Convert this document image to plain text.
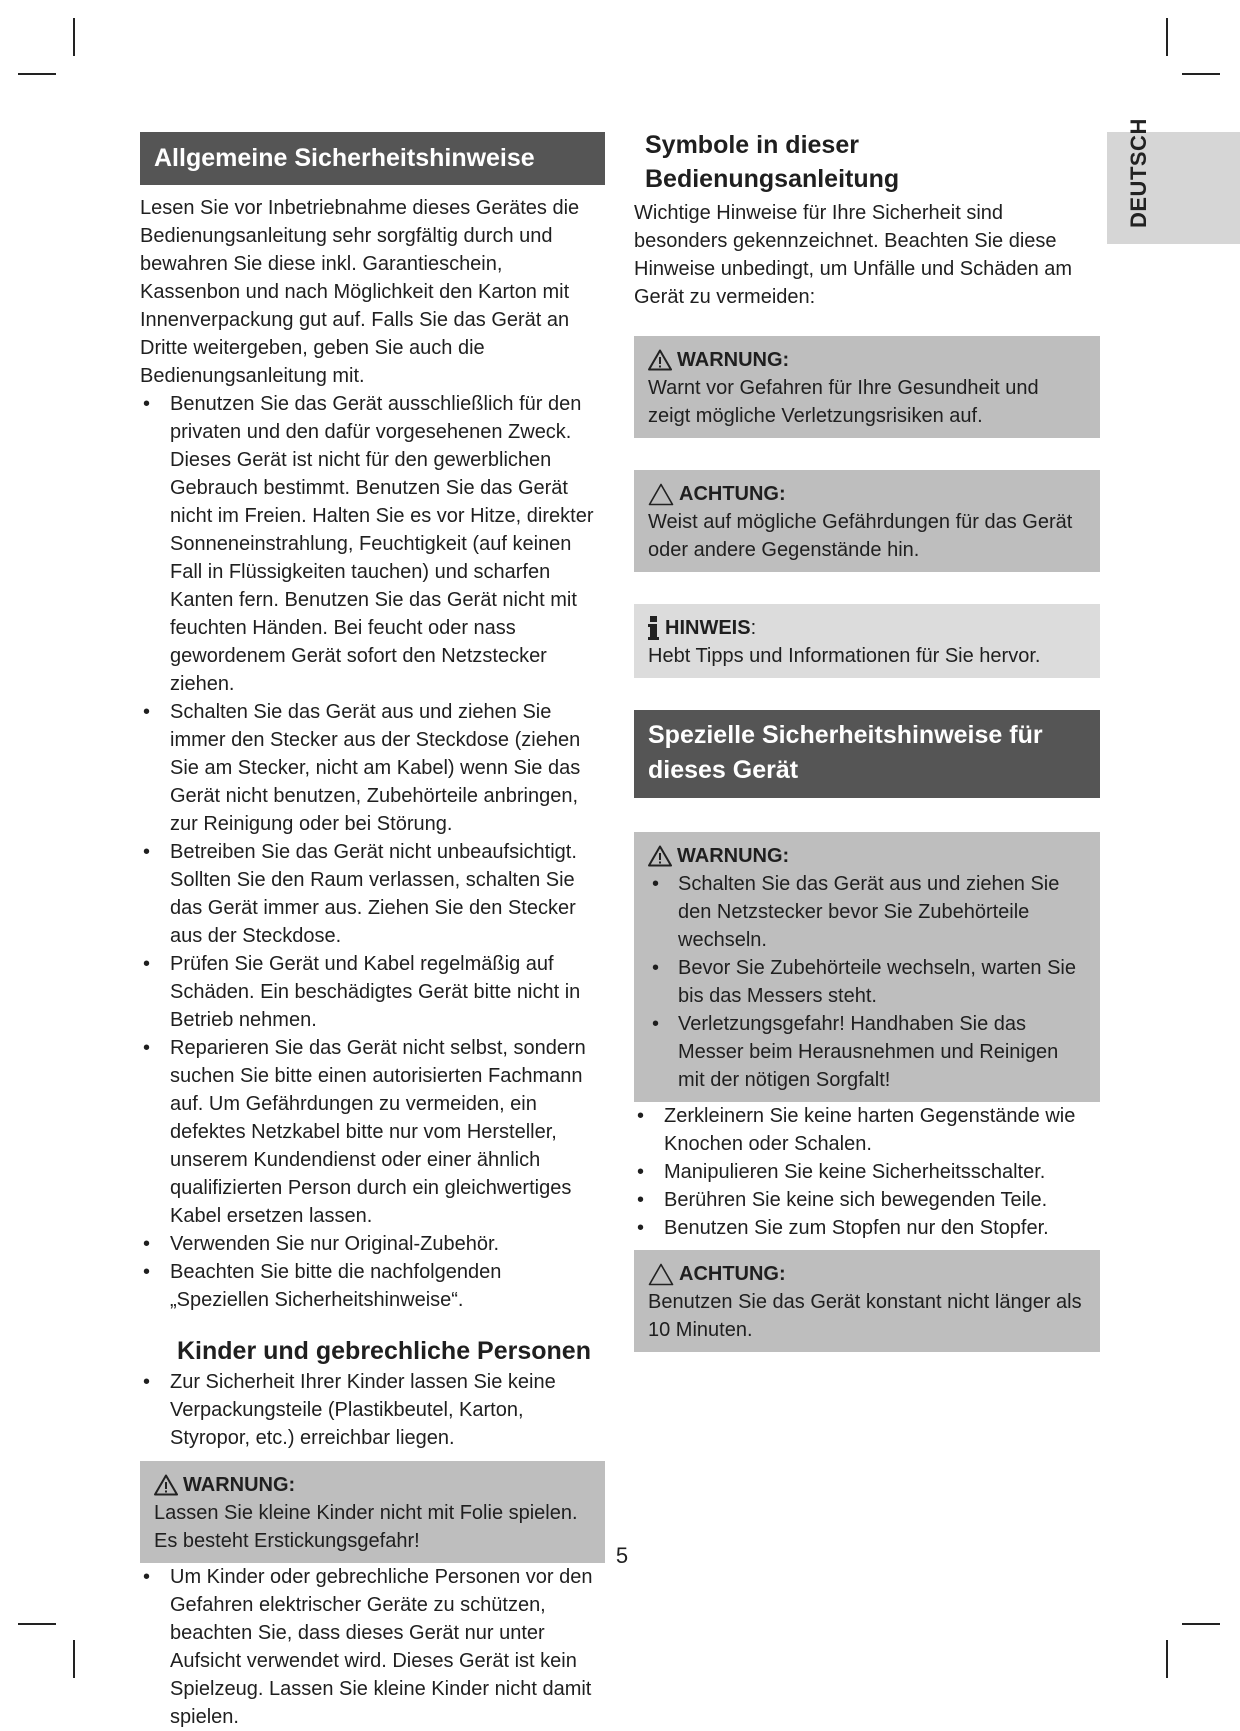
DEUTSCH
Allgemeine Sicherheitshinweise

Lesen Sie vor Inbetriebnahme dieses Gerätes die Bedienungsanleitung sehr sorgfältig durch und bewahren Sie diese inkl. Garantieschein, Kassenbon und nach Möglichkeit den Karton mit Innenverpackung gut auf. Falls Sie das Gerät an Dritte weitergeben, geben Sie auch die Bedienungsanleitung mit.

• Benutzen Sie das Gerät ausschließlich für den privaten und den dafür vorgesehenen Zweck. Dieses Gerät ist nicht für den gewerblichen Gebrauch bestimmt. Benutzen Sie das Gerät nicht im Freien. Halten Sie es vor Hitze, direkter Sonneneinstrahlung, Feuchtigkeit (auf keinen Fall in Flüssigkeiten tauchen) und scharfen Kanten fern. Benutzen Sie das Gerät nicht mit feuchten Händen. Bei feucht oder nass gewordenem Gerät sofort den Netzstecker ziehen.
• Schalten Sie das Gerät aus und ziehen Sie immer den Stecker aus der Steckdose (ziehen Sie am Stecker, nicht am Kabel) wenn Sie das Gerät nicht benutzen, Zubehörteile anbringen, zur Reinigung oder bei Störung.
• Betreiben Sie das Gerät nicht unbeaufsichtigt. Sollten Sie den Raum verlassen, schalten Sie das Gerät immer aus. Ziehen Sie den Stecker aus der Steckdose.
• Prüfen Sie Gerät und Kabel regelmäßig auf Schäden. Ein beschädigtes Gerät bitte nicht in Betrieb nehmen.
• Reparieren Sie das Gerät nicht selbst, sondern suchen Sie bitte einen autorisierten Fachmann auf. Um Gefährdungen zu vermeiden, ein defektes Netzkabel bitte nur vom Hersteller, unserem Kundendienst oder einer ähnlich qualifizierten Person durch ein gleichwertiges Kabel ersetzen lassen.
• Verwenden Sie nur Original-Zubehör.
• Beachten Sie bitte die nachfolgenden „Speziellen Sicherheitshinweise“.
Kinder und gebrechliche Personen
• Zur Sicherheit Ihrer Kinder lassen Sie keine Verpackungsteile (Plastikbeutel, Karton, Styropor, etc.) erreichbar liegen.
WARNUNG:

Lassen Sie kleine Kinder nicht mit Folie spielen. Es besteht Erstickungsgefahr!

• Um Kinder oder gebrechliche Personen vor den Gefahren elektrischer Geräte zu schützen, beachten Sie, dass dieses Gerät nur unter Aufsicht verwendet wird. Dieses Gerät ist kein Spielzeug. Lassen Sie kleine Kinder nicht damit spielen.
Symbole in dieser Bedienungsanleitung

Wichtige Hinweise für Ihre Sicherheit sind besonders gekennzeichnet. Beachten Sie diese Hinweise unbedingt, um Unfälle und Schäden am Gerät zu vermeiden:

WARNUNG:

Warnt vor Gefahren für Ihre Gesundheit und zeigt mögliche Verletzungsrisiken auf.

ACHTUNG:

Weist auf mögliche Gefährdungen für das Gerät oder andere Gegenstände hin.

HINWEIS :

Hebt Tipps und Informationen für Sie hervor.

Spezielle Sicherheitshinweise für dieses Gerät
WARNUNG:
• Schalten Sie das Gerät aus und ziehen Sie den Netzstecker bevor Sie Zubehörteile wechseln.
• Bevor Sie Zubehörteile wechseln, warten Sie bis das Messers steht.
• Verletzungsgefahr! Handhaben Sie das Messer beim Herausnehmen und Reinigen mit der nötigen Sorgfalt!
• Zerkleinern Sie keine harten Gegenstände wie Knochen oder Schalen.
• Manipulieren Sie keine Sicherheitsschalter.
• Berühren Sie keine sich bewegenden Teile.
• Benutzen Sie zum Stopfen nur den Stopfer.
ACHTUNG:

Benutzen Sie das Gerät konstant nicht länger als 10 Minuten.

5
